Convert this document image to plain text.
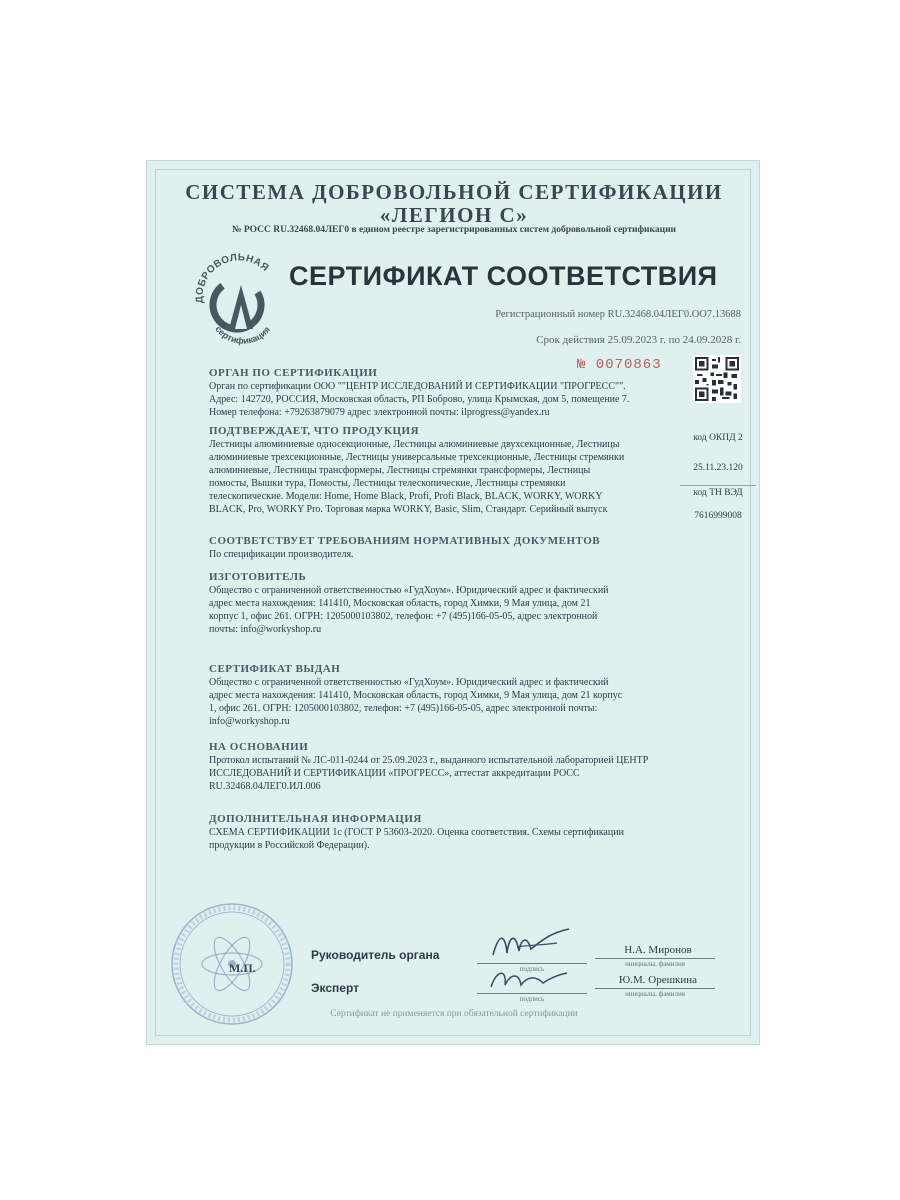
СИСТЕМА ДОБРОВОЛЬНОЙ СЕРТИФИКАЦИИ
«ЛЕГИОН С»
№ РОСС RU.32468.04ЛЕГ0 в едином реестре зарегистрированных систем добровольной сертификации
ДОБРОВОЛЬНАЯ
сертификация
СЕРТИФИКАТ СООТВЕТСТВИЯ
Регистрационный номер RU.32468.04ЛЕГ0.OO7.13688
Срок действия 25.09.2023 г. по 24.09.2028 г.
№ 0070863
ОРГАН ПО СЕРТИФИКАЦИИ
Орган по сертификации ООО ""ЦЕНТР ИССЛЕДОВАНИЙ И СЕРТИФИКАЦИИ "ПРОГРЕСС"".
Адрес: 142720, РОССИЯ, Московская область, РП Боброво, улица Крымская, дом 5, помещение 7.
Номер телефона: +79263879079 адрес электронной почты: ilprogress@yandex.ru
ПОДТВЕРЖДАЕТ, ЧТО ПРОДУКЦИЯ
Лестницы алюминиевые односекционные, Лестницы алюминиевые двухсекционные, Лестницы
алюминиевые трехсекционные, Лестницы универсальные трехсекционные, Лестницы стремянки
алюминиевые, Лестницы трансформеры, Лестницы стремянки трансформеры, Лестницы
помосты, Вышки тура, Помосты, Лестницы телескопические, Лестницы стремянки
телескопические. Модели: Home, Home Black, Profi, Profi Black, BLACK, WORKY, WORKY
BLACK, Pro, WORKY Pro. Торговая марка WORKY, Basic, Slim, Стандарт. Серийный выпуск
код ОКПД 2
25.11.23.120
код ТН ВЭД
7616999008
СООТВЕТСТВУЕТ ТРЕБОВАНИЯМ НОРМАТИВНЫХ ДОКУМЕНТОВ
По спецификации производителя.
ИЗГОТОВИТЕЛЬ
Общество с ограниченной ответственностью «ГудХоум». Юридический адрес и фактический
адрес места нахождения: 141410, Московская область, город Химки, 9 Мая улица, дом 21
корпус 1, офис 261. ОГРН: 1205000103802, телефон: +7 (495)166-05-05, адрес электронной
почты: info@workyshop.ru
СЕРТИФИКАТ ВЫДАН
Общество с ограниченной ответственностью «ГудХоум». Юридический адрес и фактический
адрес места нахождения: 141410, Московская область, город Химки, 9 Мая улица, дом 21 корпус
1, офис 261. ОГРН: 1205000103802, телефон: +7 (495)166-05-05, адрес электронной почты:
info@workyshop.ru
НА ОСНОВАНИИ
Протокол испытаний № ЛС-011-0244 от 25.09.2023 г., выданного испытательной лабораторией ЦЕНТР
ИССЛЕДОВАНИЙ И СЕРТИФИКАЦИИ «ПРОГРЕСС», аттестат аккредитации РОСС
RU.32468.04ЛЕГ0.ИЛ.006
ДОПОЛНИТЕЛЬНАЯ ИНФОРМАЦИЯ
СХЕМА СЕРТИФИКАЦИИ 1с (ГОСТ Р 53603-2020. Оценка соответствия. Схемы сертификации
продукции в Российской Федерации).
М.П.
Руководитель органа
подпись
Н.А. Миронов
инициалы, фамилия
Эксперт
подпись
Ю.М. Орешкина
инициалы, фамилия
Сертификат не применяется при обязательной сертификации
